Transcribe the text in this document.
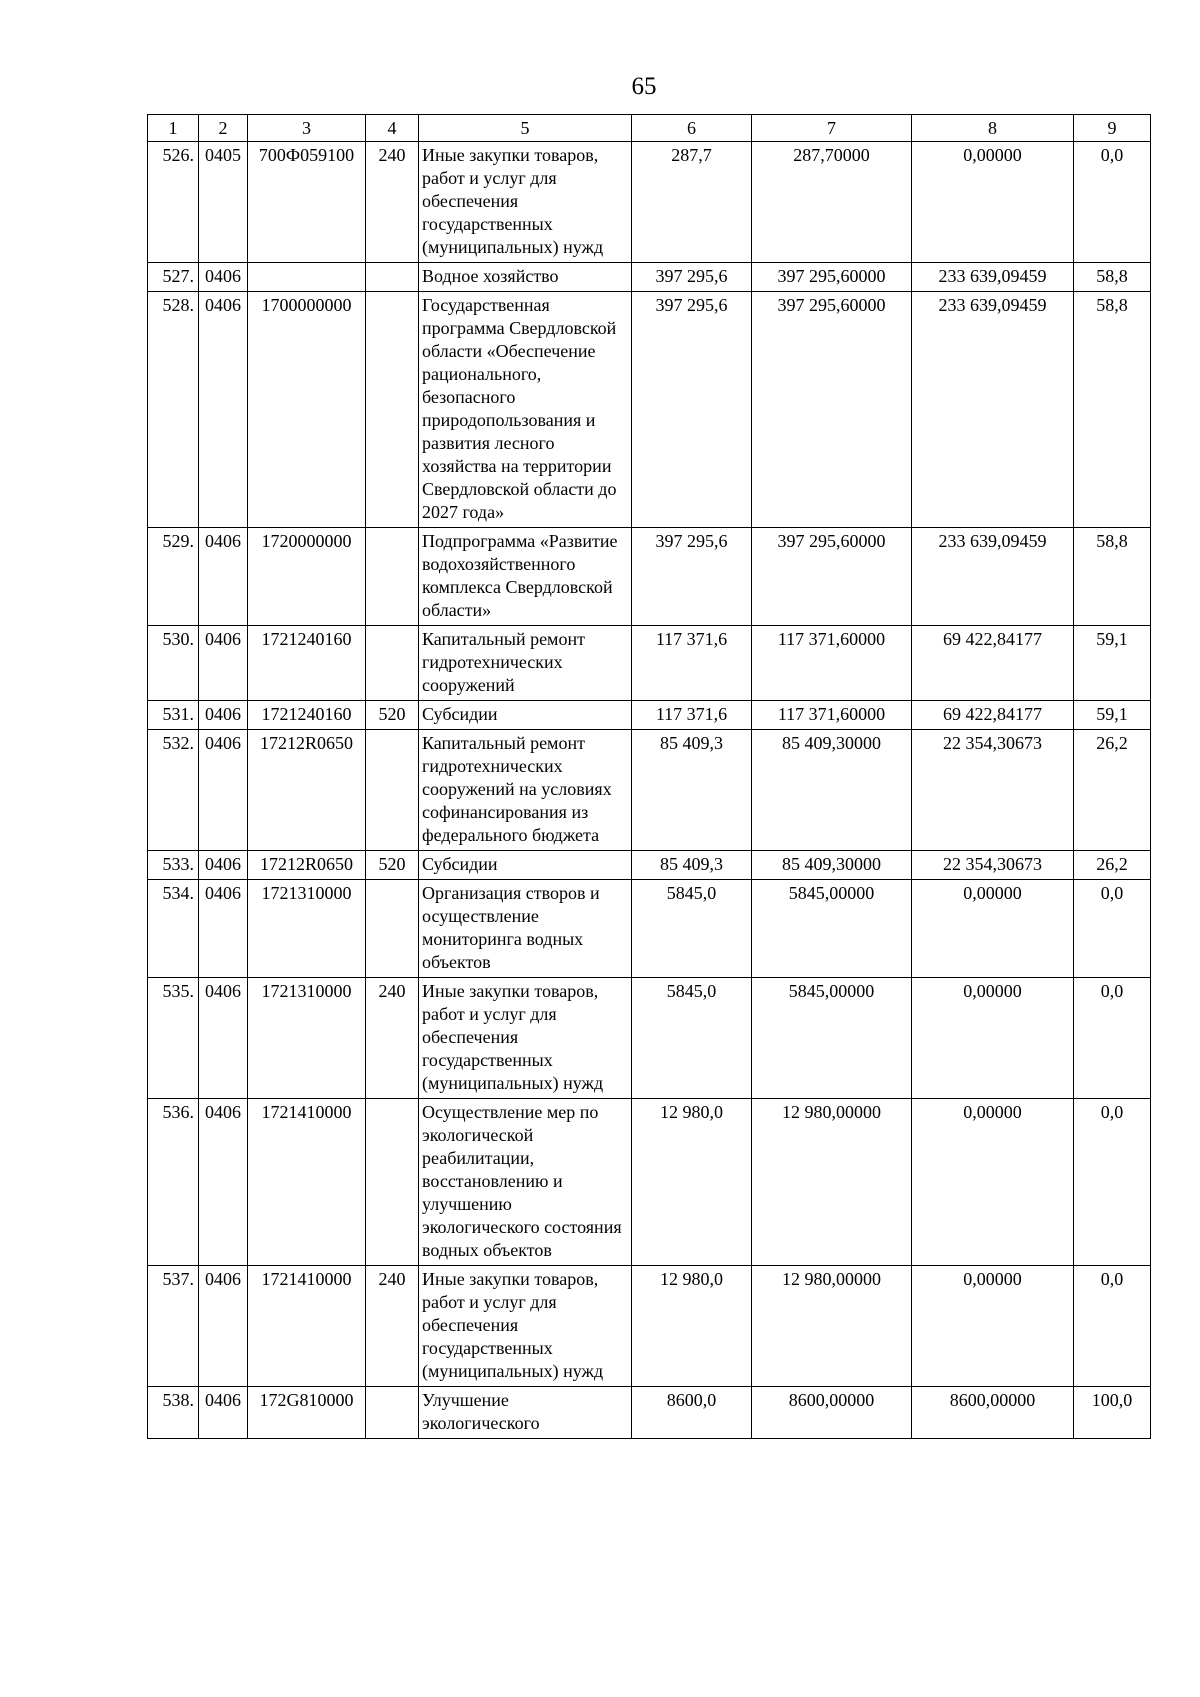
65
1	2	3	4	5	6	7	8	9
526.	0405	700Ф059100	240	Иные закупки товаров, работ и услуг для обеспечения государственных (муниципальных) нужд	287,7	287,70000	0,00000	0,0
527.	0406			Водное хозяйство	397 295,6	397 295,60000	233 639,09459	58,8
528.	0406	1700000000		Государственная программа Свердловской области «Обеспечение рационального, безопасного природопользования и развития лесного хозяйства на территории Свердловской области до 2027 года»	397 295,6	397 295,60000	233 639,09459	58,8
529.	0406	1720000000		Подпрограмма «Развитие водохозяйственного комплекса Свердловской области»	397 295,6	397 295,60000	233 639,09459	58,8
530.	0406	1721240160		Капитальный ремонт гидротехнических сооружений	117 371,6	117 371,60000	69 422,84177	59,1
531.	0406	1721240160	520	Субсидии	117 371,6	117 371,60000	69 422,84177	59,1
532.	0406	17212R0650		Капитальный ремонт гидротехнических сооружений на условиях софинансирования из федерального бюджета	85 409,3	85 409,30000	22 354,30673	26,2
533.	0406	17212R0650	520	Субсидии	85 409,3	85 409,30000	22 354,30673	26,2
534.	0406	1721310000		Организация створов и осуществление мониторинга водных объектов	5845,0	5845,00000	0,00000	0,0
535.	0406	1721310000	240	Иные закупки товаров, работ и услуг для обеспечения государственных (муниципальных) нужд	5845,0	5845,00000	0,00000	0,0
536.	0406	1721410000		Осуществление мер по экологической реабилитации, восстановлению и улучшению экологического состояния водных объектов	12 980,0	12 980,00000	0,00000	0,0
537.	0406	1721410000	240	Иные закупки товаров, работ и услуг для обеспечения государственных (муниципальных) нужд	12 980,0	12 980,00000	0,00000	0,0
538.	0406	172G810000		Улучшение экологического	8600,0	8600,00000	8600,00000	100,0
